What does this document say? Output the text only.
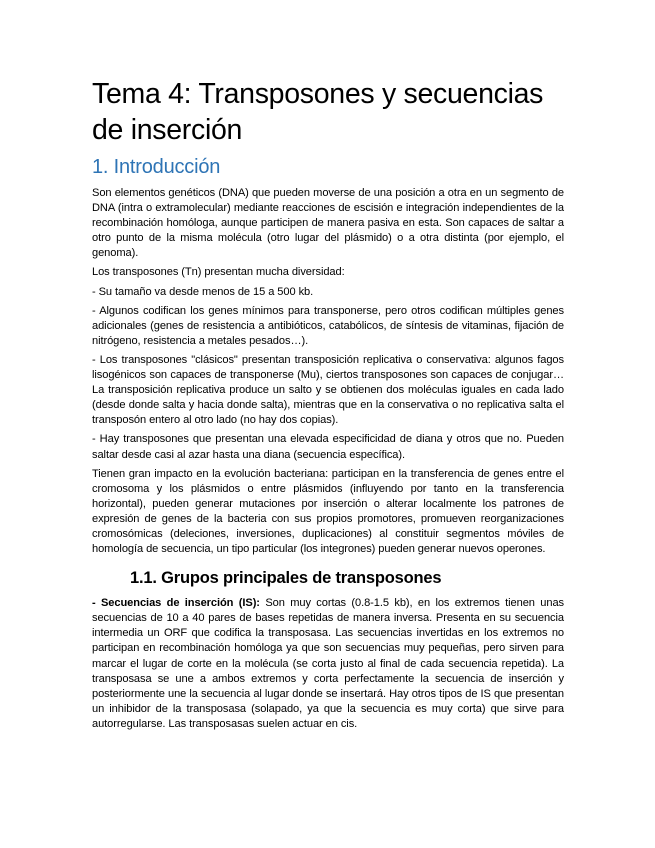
Tema 4: Transposones y secuencias de inserción
1. Introducción

Son elementos genéticos (DNA) que pueden moverse de una posición a otra en un segmento de DNA (intra o extramolecular) mediante reacciones de escisión e integración independientes de la recombinación homóloga, aunque participen de manera pasiva en esta. Son capaces de saltar a otro punto de la misma molécula (otro lugar del plásmido) o a otra distinta (por ejemplo, el genoma).

Los transposones (Tn) presentan mucha diversidad:

- Su tamaño va desde menos de 15 a 500 kb.

- Algunos codifican los genes mínimos para transponerse, pero otros codifican múltiples genes adicionales (genes de resistencia a antibióticos, catabólicos, de síntesis de vitaminas, fijación de nitrógeno, resistencia a metales pesados…).

- Los transposones "clásicos" presentan transposición replicativa o conservativa: algunos fagos lisogénicos son capaces de transponerse (Mu), ciertos transposones son capaces de conjugar… La transposición replicativa produce un salto y se obtienen dos moléculas iguales en cada lado (desde donde salta y hacia donde salta), mientras que en la conservativa o no replicativa salta el transposón entero al otro lado (no hay dos copias).

- Hay transposones que presentan una elevada especificidad de diana y otros que no. Pueden saltar desde casi al azar hasta una diana (secuencia específica).

Tienen gran impacto en la evolución bacteriana: participan en la transferencia de genes entre el cromosoma y los plásmidos o entre plásmidos (influyendo por tanto en la transferencia horizontal), pueden generar mutaciones por inserción o alterar localmente los patrones de expresión de genes de la bacteria con sus propios promotores, promueven reorganizaciones cromosómicas (deleciones, inversiones, duplicaciones) al constituir segmentos móviles de homología de secuencia, un tipo particular (los integrones) pueden generar nuevos operones.

1.1. Grupos principales de transposones

- Secuencias de inserción (IS): Son muy cortas (0.8-1.5 kb), en los extremos tienen unas secuencias de 10 a 40 pares de bases repetidas de manera inversa. Presenta en su secuencia intermedia un ORF que codifica la transposasa. Las secuencias invertidas en los extremos no participan en recombinación homóloga ya que son secuencias muy pequeñas, pero sirven para marcar el lugar de corte en la molécula (se corta justo al final de cada secuencia repetida). La transposasa se une a ambos extremos y corta perfectamente la secuencia de inserción y posteriormente une la secuencia al lugar donde se insertará. Hay otros tipos de IS que presentan un inhibidor de la transposasa (solapado, ya que la secuencia es muy corta) que sirve para autorregularse. Las transposasas suelen actuar en cis.
